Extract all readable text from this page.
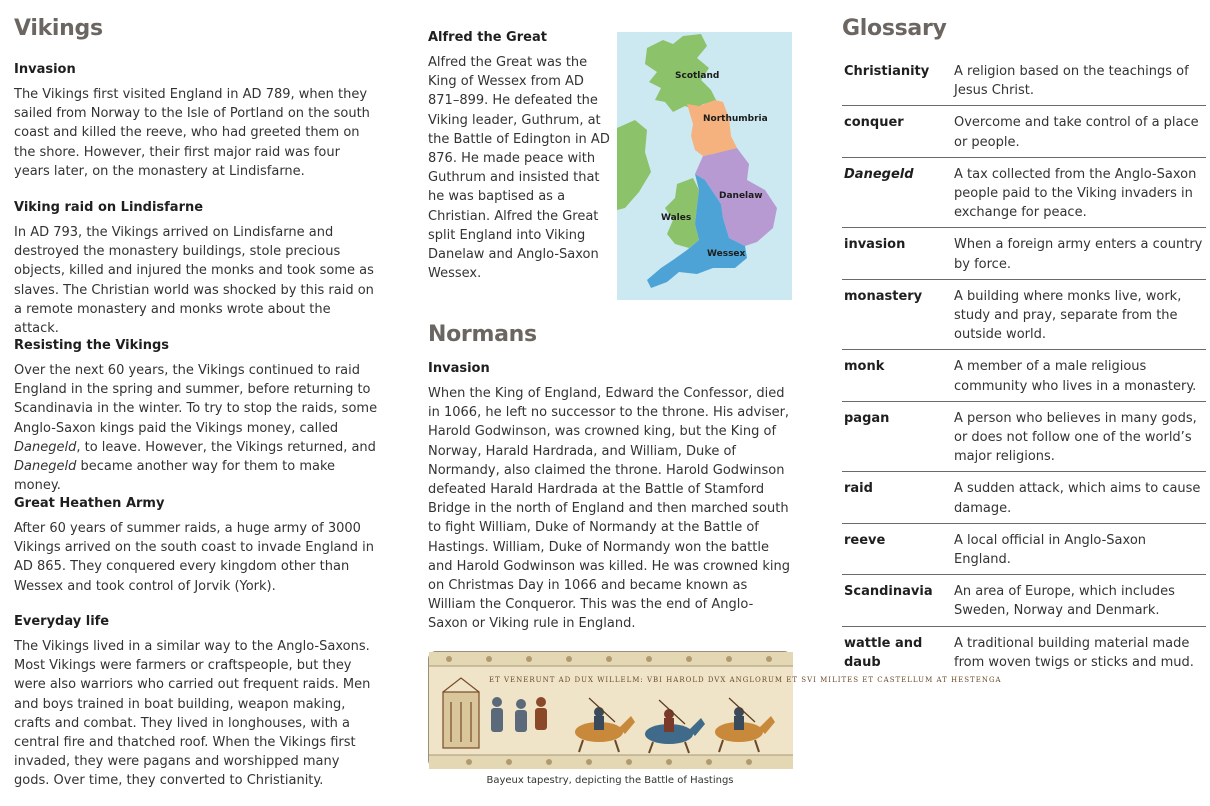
Vikings
Invasion

The Vikings first visited England in AD 789, when they sailed from Norway to the Isle of Portland on the south coast and killed the reeve, who had greeted them on the shore. However, their first major raid was four years later, on the monastery at Lindisfarne.

Viking raid on Lindisfarne

In AD 793, the Vikings arrived on Lindisfarne and destroyed the monastery buildings, stole precious objects, killed and injured the monks and took some as slaves. The Christian world was shocked by this raid on a remote monastery and monks wrote about the attack.

Resisting the Vikings

Over the next 60 years, the Vikings continued to raid England in the spring and summer, before returning to Scandinavia in the winter. To try to stop the raids, some Anglo-Saxon kings paid the Vikings money, called Danegeld, to leave. However, the Vikings returned, and Danegeld became another way for them to make money.

Great Heathen Army

After 60 years of summer raids, a huge army of 3000 Vikings arrived on the south coast to invade England in AD 865. They conquered every kingdom other than Wessex and took control of Jorvik (York).

Everyday life

The Vikings lived in a similar way to the Anglo-Saxons. Most Vikings were farmers or craftspeople, but they were also warriors who carried out frequent raids. Men and boys trained in boat building, weapon making, crafts and combat. They lived in longhouses, with a central fire and thatched roof. When the Vikings first invaded, they were pagans and worshipped many gods. Over time, they converted to Christianity.

Alfred the Great

Alfred the Great was the King of Wessex from AD 871–899. He defeated the Viking leader, Guthrum, at the Battle of Edington in AD 876. He made peace with Guthrum and insisted that he was baptised as a Christian. Alfred the Great split England into Viking Danelaw and Anglo-Saxon Wessex.

Scotland
Northumbria
Danelaw
Wales
Wessex
Normans
Invasion

When the King of England, Edward the Confessor, died in 1066, he left no successor to the throne. His adviser, Harold Godwinson, was crowned king, but the King of Norway, Harald Hardrada, and William, Duke of Normandy, also claimed the throne. Harold Godwinson defeated Harald Hardrada at the Battle of Stamford Bridge in the north of England and then marched south to fight William, Duke of Normandy at the Battle of Hastings. William, Duke of Normandy won the battle and Harold Godwinson was killed. He was crowned king on Christmas Day in 1066 and became known as William the Conqueror. This was the end of Anglo-Saxon or Viking rule in England.

ET VENERUNT AD DUX WILLELM: VBI HAROLD DVX ANGLORUM ET SVI MILITES ET CASTELLUM AT HESTENGA
Bayeux tapestry, depicting the Battle of Hastings
Glossary
Christianity	A religion based on the teachings of Jesus Christ.
conquer	Overcome and take control of a place or people.
Danegeld	A tax collected from the Anglo-Saxon people paid to the Viking invaders in exchange for peace.
invasion	When a foreign army enters a country by force.
monastery	A building where monks live, work, study and pray, separate from the outside world.
monk	A member of a male religious community who lives in a monastery.
pagan	A person who believes in many gods, or does not follow one of the world’s major religions.
raid	A sudden attack, which aims to cause damage.
reeve	A local official in Anglo-Saxon England.
Scandinavia	An area of Europe, which includes Sweden, Norway and Denmark.
wattle and daub	A traditional building material made from woven twigs or sticks and mud.
